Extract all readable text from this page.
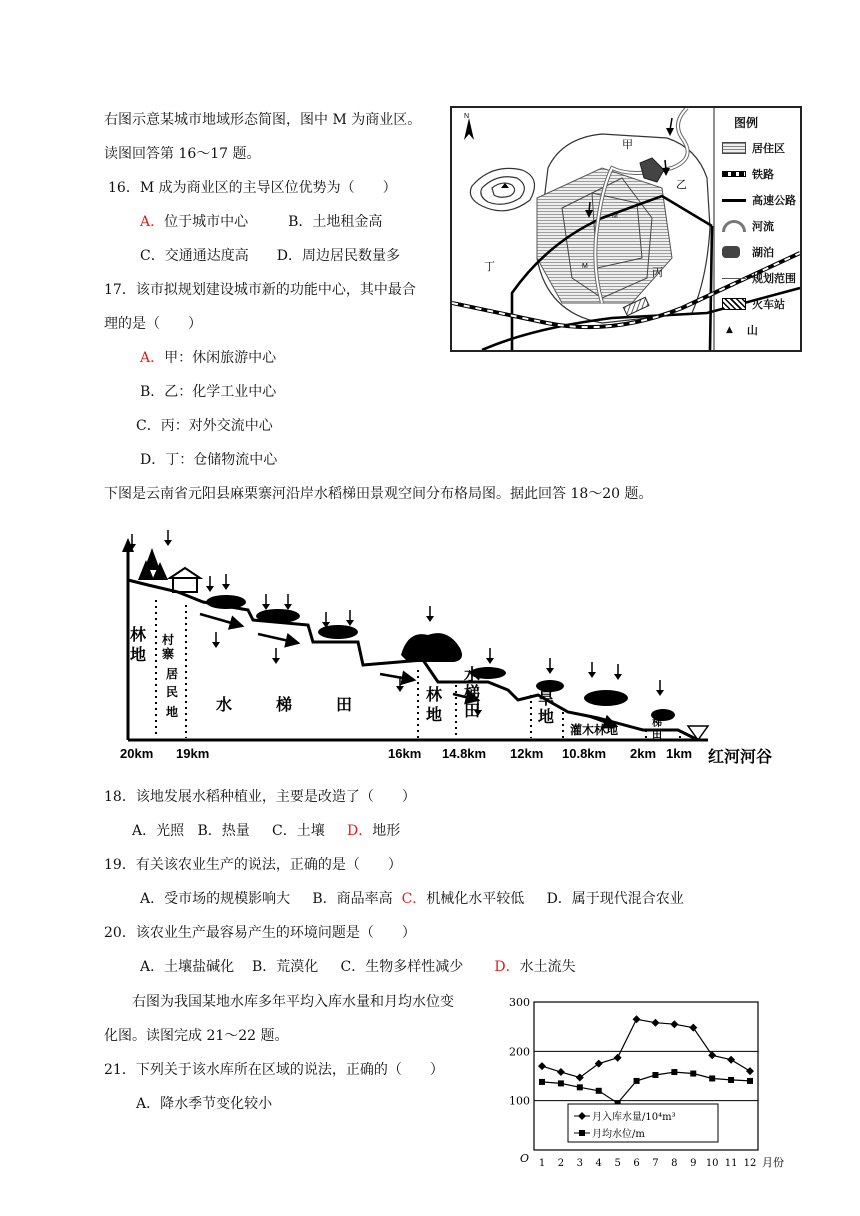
右图示意某城市地域形态简图，图中 M 为商业区。
读图回答第 16～17 题。
16．M 成为商业区的主导区位优势为（　　）
A．位于城市中心	B．土地租金高
C．交通通达度高 D．周边居民数量多
17．该市拟规划建设城市新的功能中心，其中最合
理的是（　　）
A．甲：休闲旅游中心
B．乙：化学工业中心
C．丙：对外交流中心
D．丁：仓储物流中心
N
甲
乙
丙
丁
M
M
图例
居住区
铁路
高速公路
河流
湖泊
规划范围
火车站
▲ 山
下图是云南省元阳县麻栗寨河沿岸水稻梯田景观空间分布格局图。据此回答 18～20 题。
林
地
水	梯	田
林
地
水
梯
田
旱
地
村
寨
居
民
地
灌木林地	梯
田
20km 19km	16km 14.8km 12km 10.8km 2km 1km 红河河谷
18．该地发展水稻种植业，主要是改造了（　　）
A．光照 B．热量 C．土壤 D．地形
19．有关该农业生产的说法，正确的是（　　）
A．受市场的规模影响大 B．商品率高 C．机械化水平较低 D．属于现代混合农业
20．该农业生产最容易产生的环境问题是（　　）
A．土壤盐碱化 B．荒漠化 C．生物多样性减少 D．水土流失
右图为我国某地水库多年平均入库水量和月均水位变
化图。读图完成 21～22 题。
21．下列关于该水库所在区域的说法，正确的（　　）
A．降水季节变化较小	100
200
300
1 2 3 4 5 6 7 8 9 10 11 12
O	月份
月入库水量/10⁴m³
月均水位/m
